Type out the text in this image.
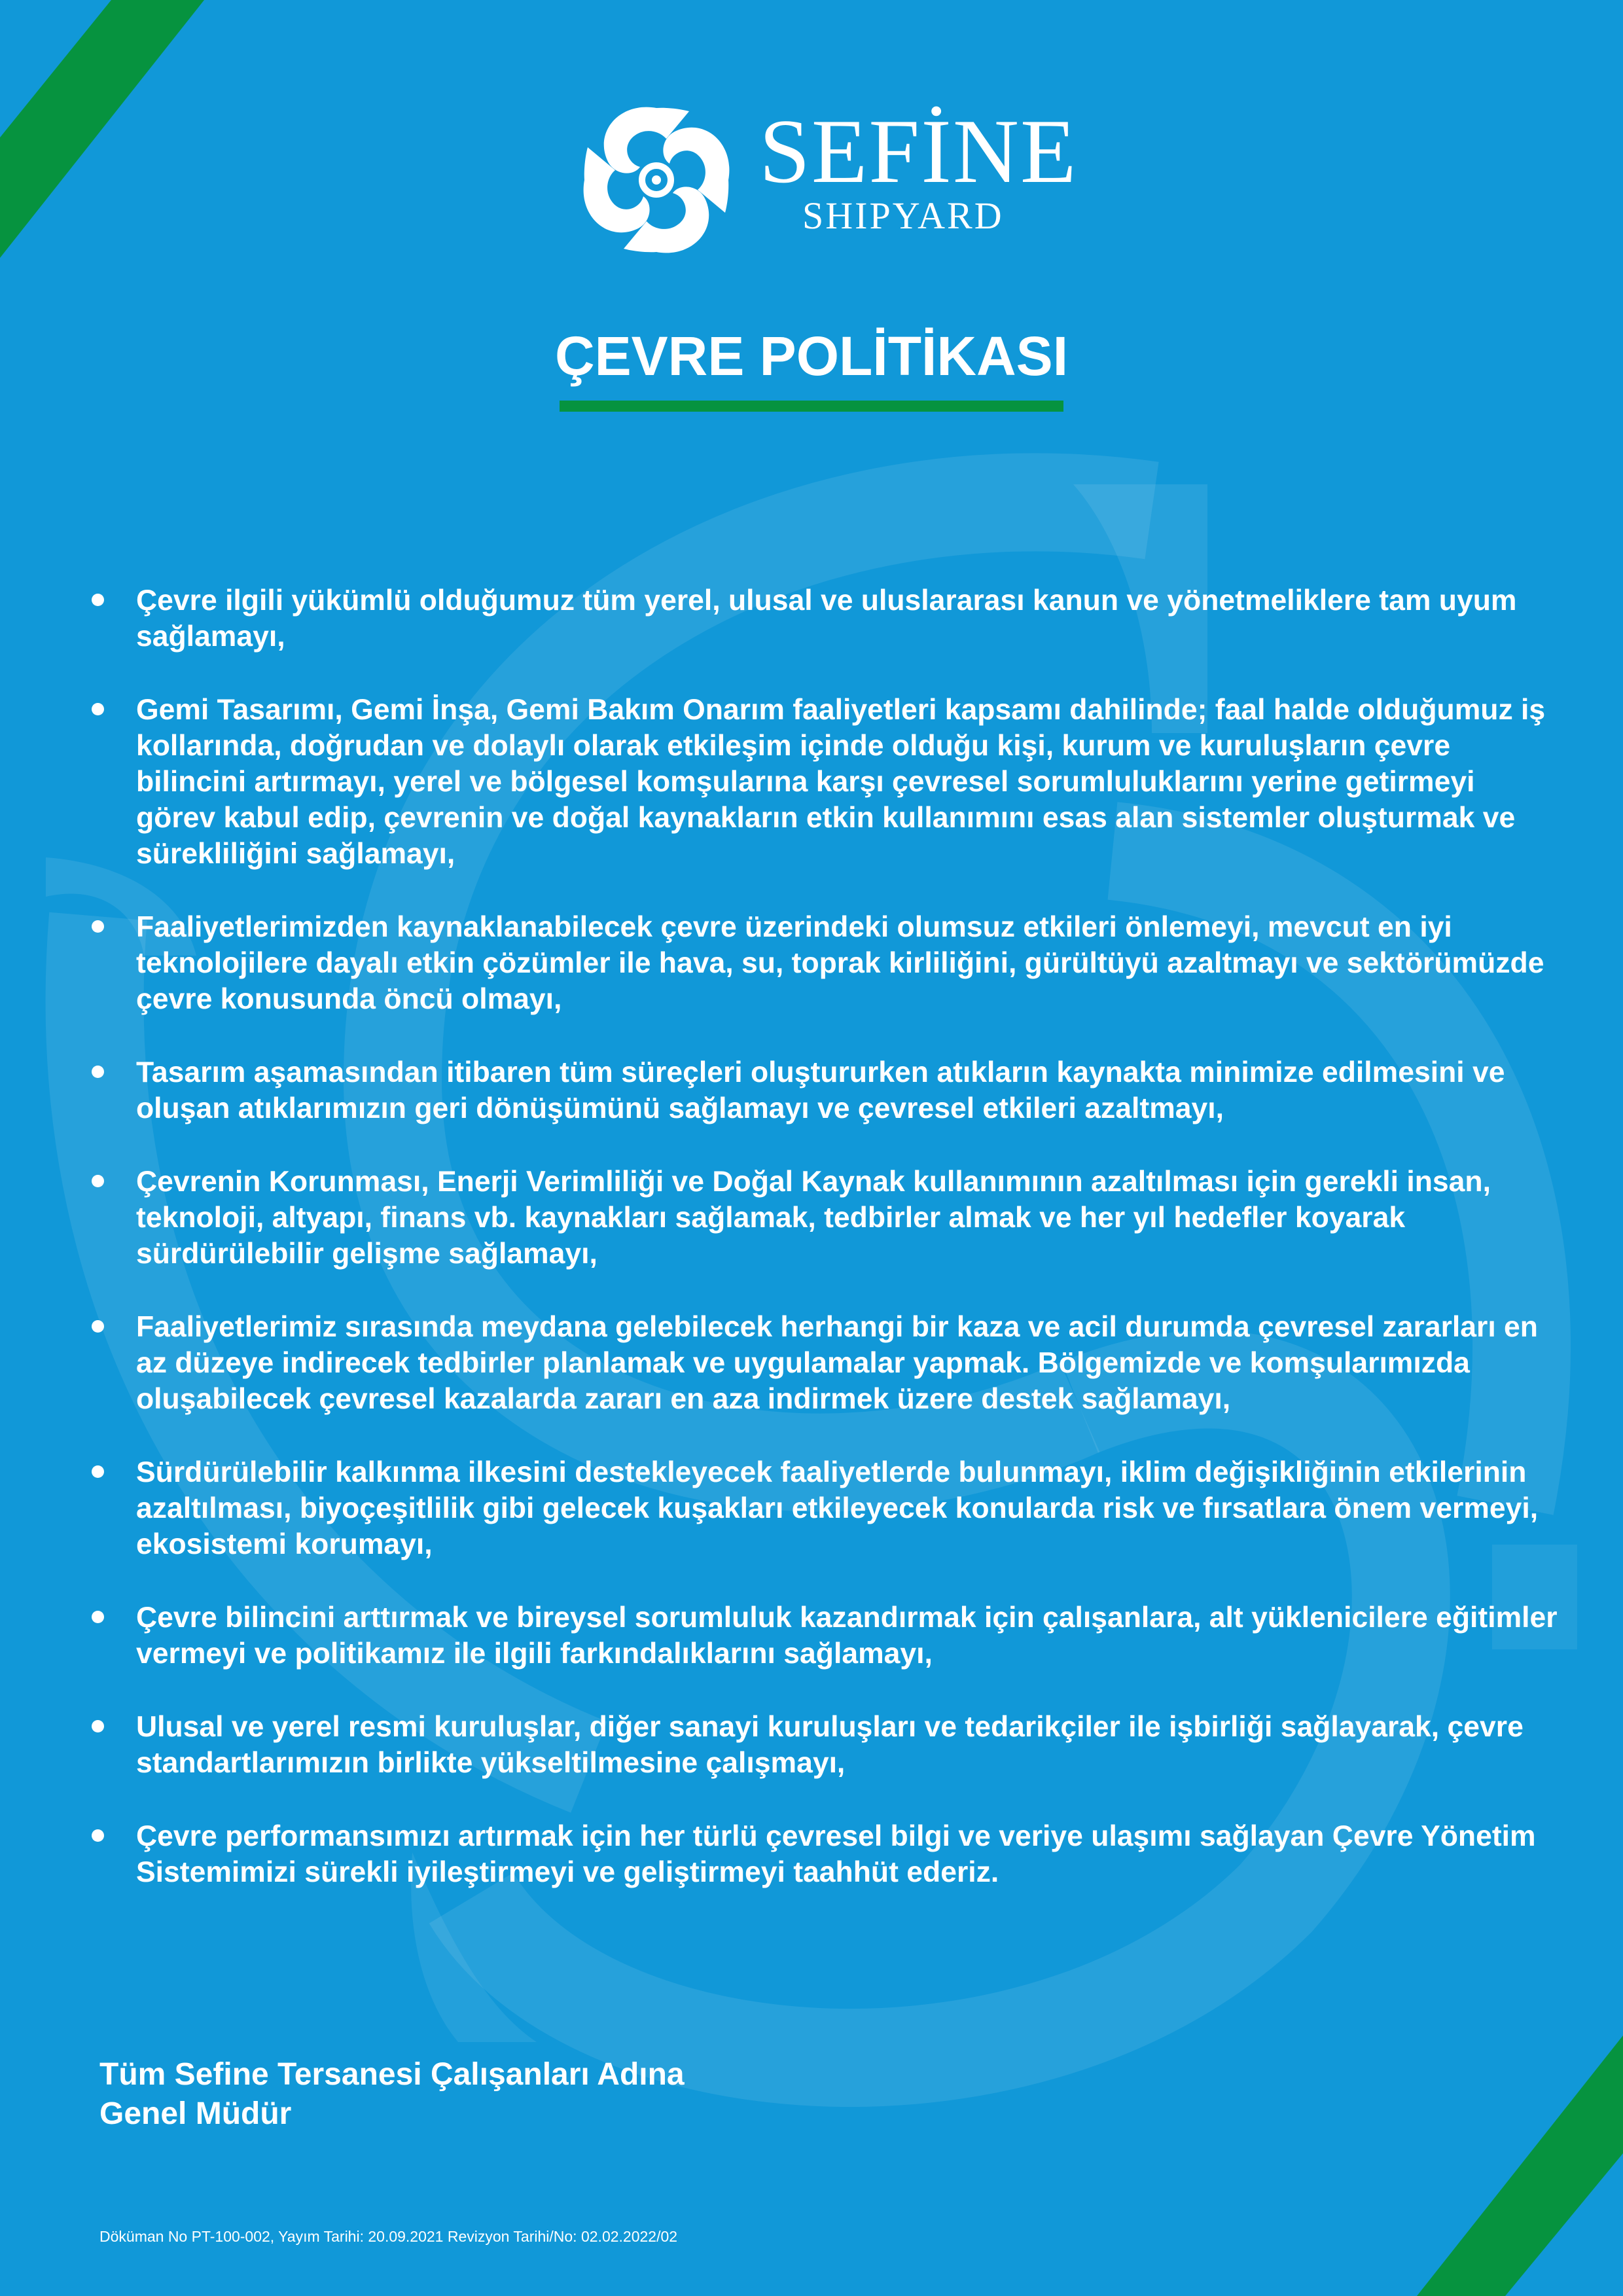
SEFİNE
SHIPYARD
ÇEVRE POLİTİKASI
Çevre ilgili yükümlü olduğumuz tüm yerel, ulusal ve uluslararası kanun ve yönetmeliklere tam uyum sağlamayı,
Gemi Tasarımı, Gemi İnşa, Gemi Bakım Onarım faaliyetleri kapsamı dahilinde; faal halde olduğumuz iş kollarında, doğrudan ve dolaylı olarak etkileşim içinde olduğu kişi, kurum ve kuruluşların çevre bilincini artırmayı, yerel ve bölgesel komşularına karşı çevresel sorumluluklarını yerine getirmeyi görev kabul edip, çevrenin ve doğal kaynakların etkin kullanımını esas alan sistemler oluşturmak ve sürekliliğini sağlamayı,
Faaliyetlerimizden kaynaklanabilecek çevre üzerindeki olumsuz etkileri önlemeyi, mevcut en iyi teknolojilere dayalı etkin çözümler ile hava, su, toprak kirliliğini, gürültüyü azaltmayı ve sektörümüzde çevre konusunda öncü olmayı,
Tasarım aşamasından itibaren tüm süreçleri oluştururken atıkların kaynakta minimize edilmesini ve oluşan atıklarımızın geri dönüşümünü sağlamayı ve çevresel etkileri azaltmayı,
Çevrenin Korunması, Enerji Verimliliği ve Doğal Kaynak kullanımının azaltılması için gerekli insan, teknoloji, altyapı, finans vb. kaynakları sağlamak, tedbirler almak ve her yıl hedefler koyarak sürdürülebilir gelişme sağlamayı,
Faaliyetlerimiz sırasında meydana gelebilecek herhangi bir kaza ve acil durumda çevresel zararları en az düzeye indirecek tedbirler planlamak ve uygulamalar yapmak. Bölgemizde ve komşularımızda oluşabilecek çevresel kazalarda zararı en aza indirmek üzere destek sağlamayı,
Sürdürülebilir kalkınma ilkesini destekleyecek faaliyetlerde bulunmayı, iklim değişikliğinin etkilerinin azaltılması, biyoçeşitlilik gibi gelecek kuşakları etkileyecek konularda risk ve fırsatlara önem vermeyi, ekosistemi korumayı,
Çevre bilincini arttırmak ve bireysel sorumluluk kazandırmak için çalışanlara, alt yüklenicilere eğitimler vermeyi ve politikamız ile ilgili farkındalıklarını sağlamayı,
Ulusal ve yerel resmi kuruluşlar, diğer sanayi kuruluşları ve tedarikçiler ile işbirliği sağlayarak, çevre standartlarımızın birlikte yükseltilmesine çalışmayı,
Çevre performansımızı artırmak için her türlü çevresel bilgi ve veriye ulaşımı sağlayan Çevre Yönetim Sistemimizi sürekli iyileştirmeyi ve geliştirmeyi taahhüt ederiz.
Tüm Sefine Tersanesi Çalışanları Adına
Genel Müdür
Döküman No PT-100-002, Yayım Tarihi: 20.09.2021 Revizyon Tarihi/No: 02.02.2022/02
